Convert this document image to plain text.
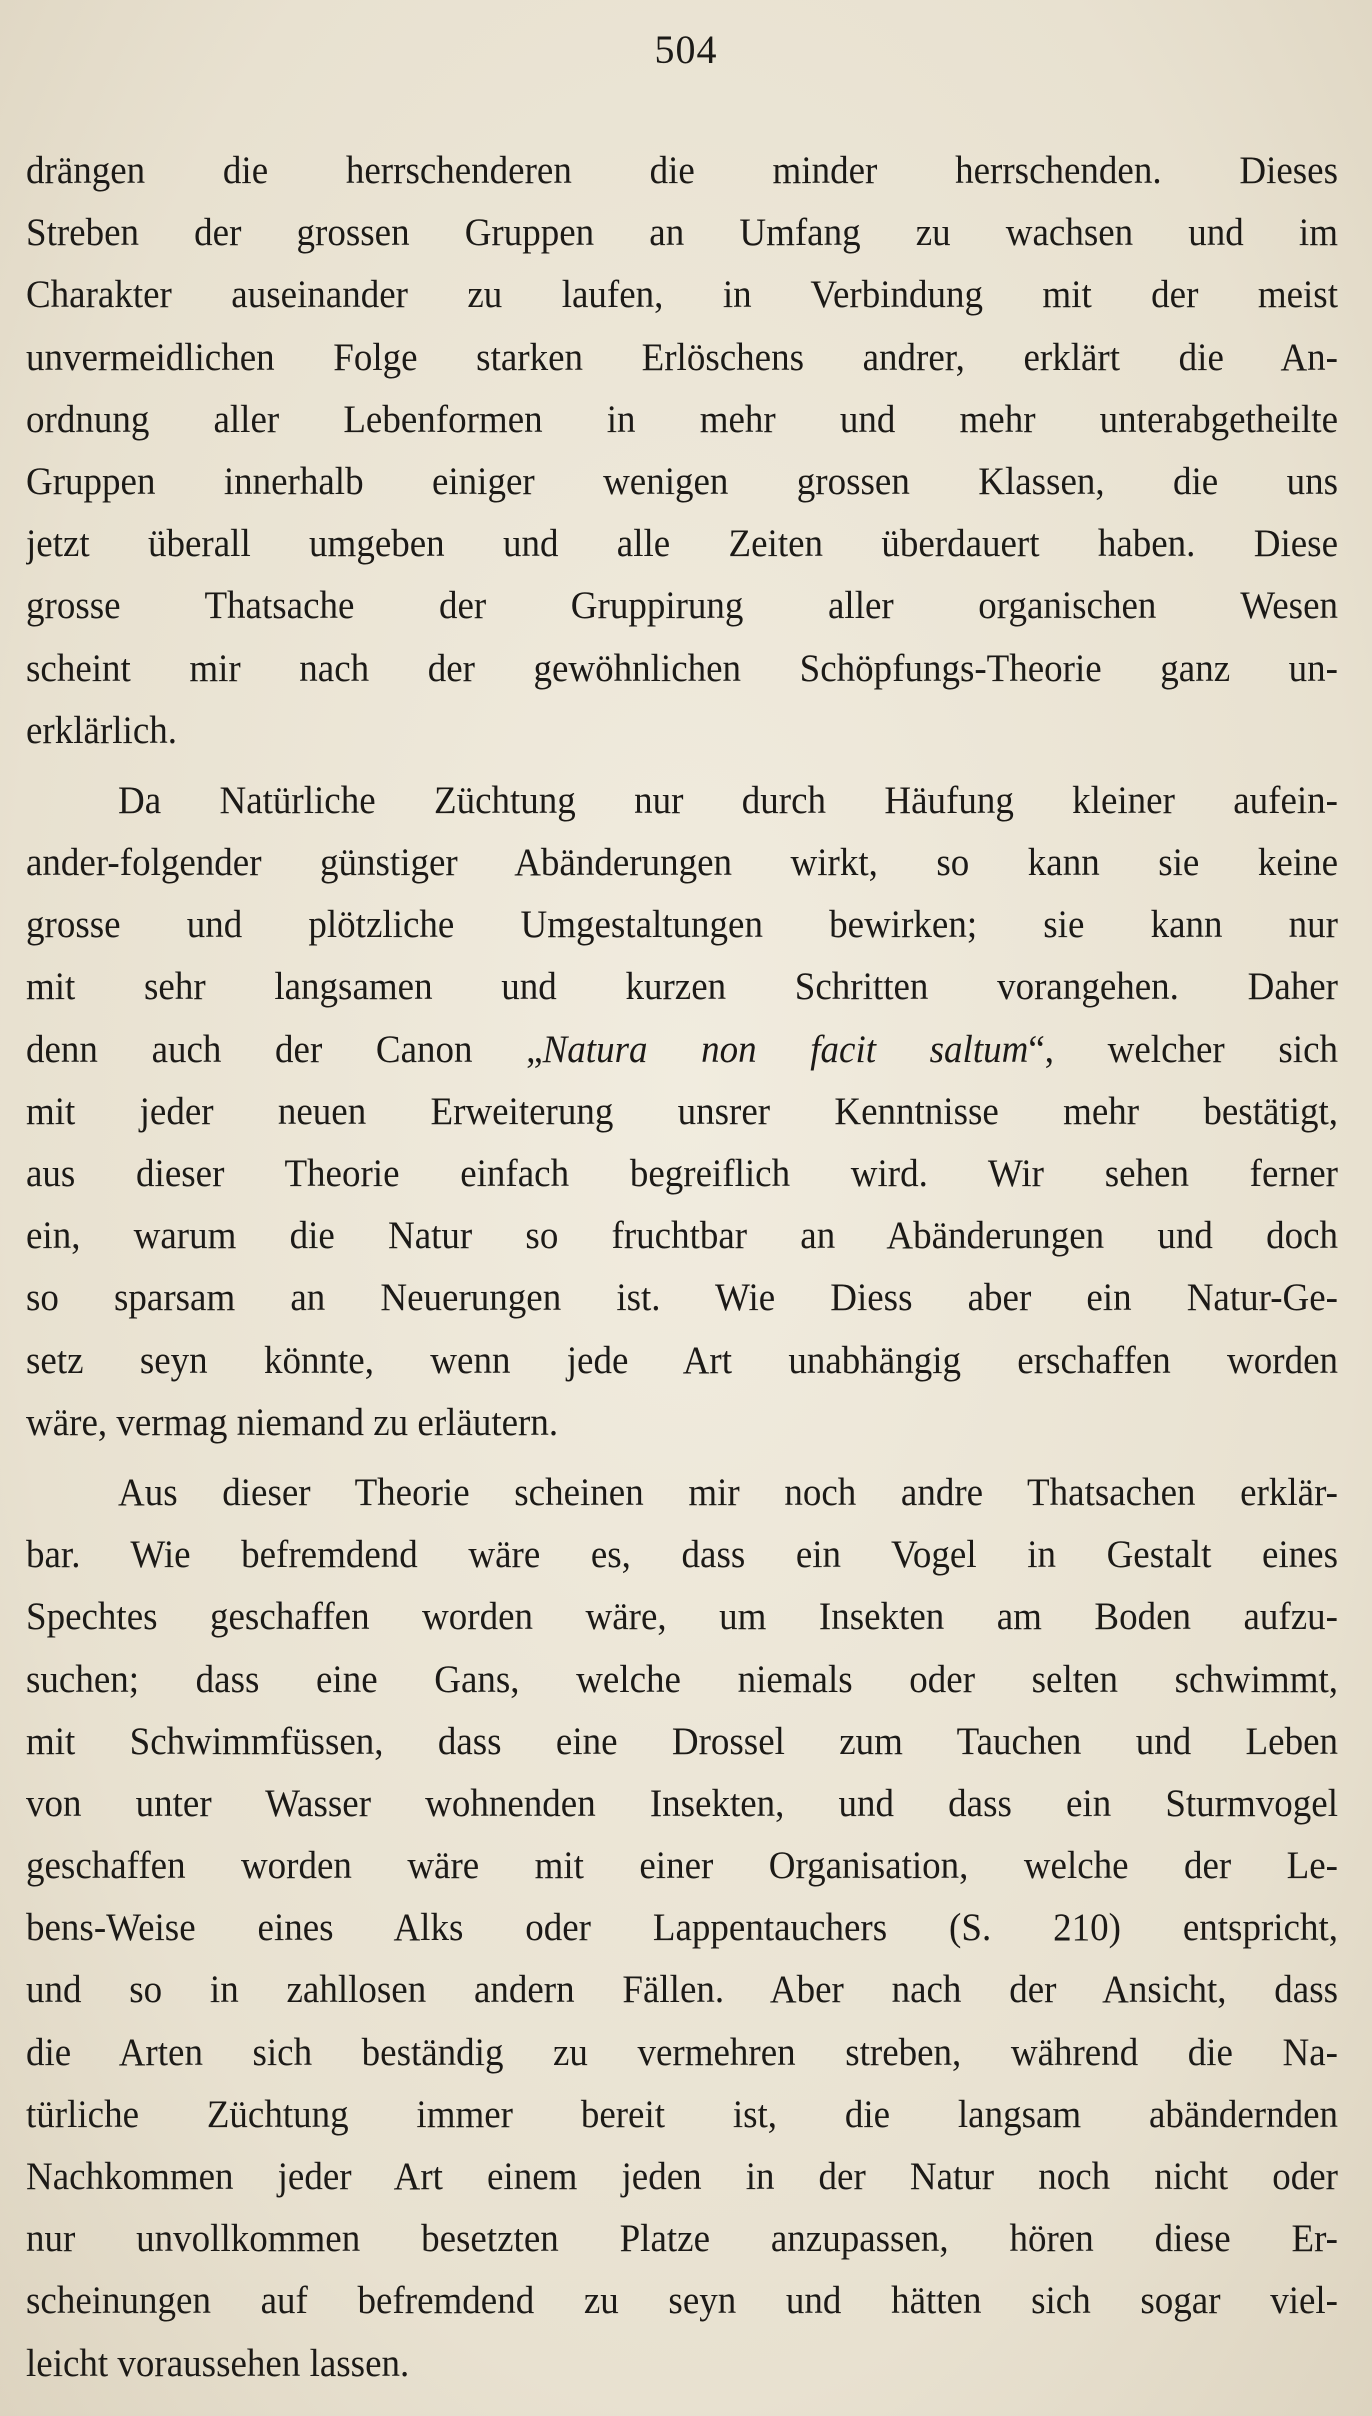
504
drängen die herrschenderen die minder herrschenden. Dieses
Streben der grossen Gruppen an Umfang zu wachsen und im
Charakter auseinander zu laufen, in Verbindung mit der meist
unvermeidlichen Folge starken Erlöschens andrer, erklärt die An-
ordnung aller Lebenformen in mehr und mehr unterabgetheilte
Gruppen innerhalb einiger wenigen grossen Klassen, die uns
jetzt überall umgeben und alle Zeiten überdauert haben. Diese
grosse Thatsache der Gruppirung aller organischen Wesen
scheint mir nach der gewöhnlichen Schöpfungs-Theorie ganz un-
erklärlich.
Da Natürliche Züchtung nur durch Häufung kleiner aufein-
ander-folgender günstiger Abänderungen wirkt, so kann sie keine
grosse und plötzliche Umgestaltungen bewirken; sie kann nur
mit sehr langsamen und kurzen Schritten vorangehen. Daher
denn auch der Canon „Natura non facit saltum“, welcher sich
mit jeder neuen Erweiterung unsrer Kenntnisse mehr bestätigt,
aus dieser Theorie einfach begreiflich wird. Wir sehen ferner
ein, warum die Natur so fruchtbar an Abänderungen und doch
so sparsam an Neuerungen ist. Wie Diess aber ein Natur-Ge-
setz seyn könnte, wenn jede Art unabhängig erschaffen worden
wäre, vermag niemand zu erläutern.
Aus dieser Theorie scheinen mir noch andre Thatsachen erklär-
bar. Wie befremdend wäre es, dass ein Vogel in Gestalt eines
Spechtes geschaffen worden wäre, um Insekten am Boden aufzu-
suchen; dass eine Gans, welche niemals oder selten schwimmt,
mit Schwimmfüssen, dass eine Drossel zum Tauchen und Leben
von unter Wasser wohnenden Insekten, und dass ein Sturmvogel
geschaffen worden wäre mit einer Organisation, welche der Le-
bens-Weise eines Alks oder Lappentauchers (S. 210) entspricht,
und so in zahllosen andern Fällen. Aber nach der Ansicht, dass
die Arten sich beständig zu vermehren streben, während die Na-
türliche Züchtung immer bereit ist, die langsam abändernden
Nachkommen jeder Art einem jeden in der Natur noch nicht oder
nur unvollkommen besetzten Platze anzupassen, hören diese Er-
scheinungen auf befremdend zu seyn und hätten sich sogar viel-
leicht voraussehen lassen.
